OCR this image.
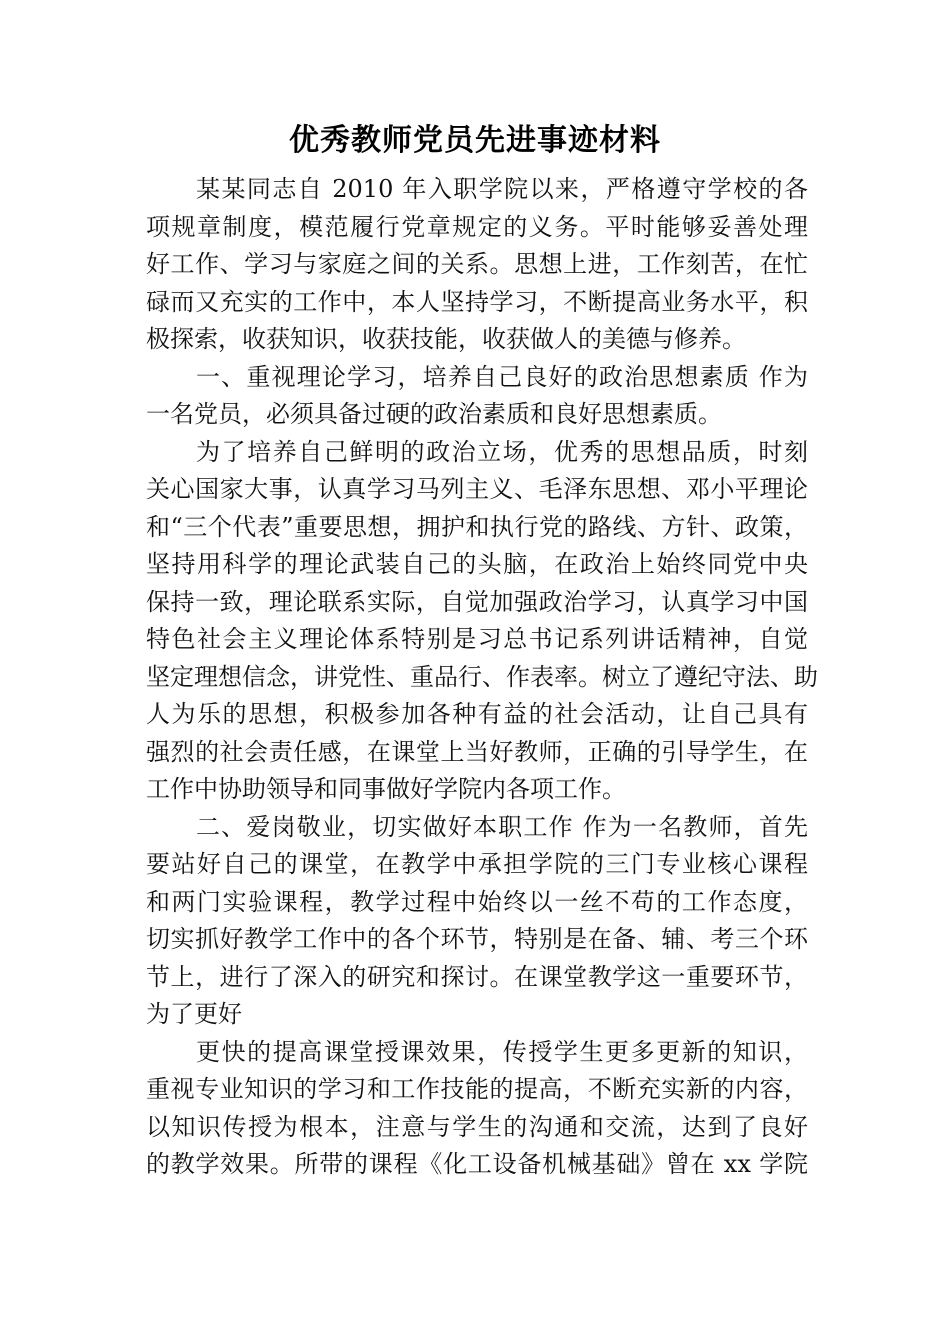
优秀教师党员先进事迹材料
某某同志自 2010 年入职学院以来，严格遵守学校的各
项规章制度，模范履行党章规定的义务。平时能够妥善处理
好工作、学习与家庭之间的关系。思想上进，工作刻苦，在忙
碌而又充实的工作中，本人坚持学习，不断提高业务水平，积
极探索，收获知识，收获技能，收获做人的美德与修养。
一、重视理论学习，培养自己良好的政治思想素质 作为
一名党员，必须具备过硬的政治素质和良好思想素质。
为了培养自己鲜明的政治立场，优秀的思想品质，时刻
关心国家大事，认真学习马列主义、毛泽东思想、邓小平理论
和“三个代表”重要思想，拥护和执行党的路线、方针、政策，
坚持用科学的理论武装自己的头脑，在政治上始终同党中央
保持一致，理论联系实际，自觉加强政治学习，认真学习中国
特色社会主义理论体系特别是习总书记系列讲话精神，自觉
坚定理想信念，讲党性、重品行、作表率。树立了遵纪守法、助
人为乐的思想，积极参加各种有益的社会活动，让自己具有
强烈的社会责任感，在课堂上当好教师，正确的引导学生，在
工作中协助领导和同事做好学院内各项工作。
二、爱岗敬业，切实做好本职工作 作为一名教师，首先
要站好自己的课堂，在教学中承担学院的三门专业核心课程
和两门实验课程，教学过程中始终以一丝不苟的工作态度，
切实抓好教学工作中的各个环节，特别是在备、辅、考三个环
节上，进行了深入的研究和探讨。在课堂教学这一重要环节，
为了更好
更快的提高课堂授课效果，传授学生更多更新的知识，
重视专业知识的学习和工作技能的提高，不断充实新的内容，
以知识传授为根本，注意与学生的沟通和交流，达到了良好
的教学效果。所带的课程《化工设备机械基础》曾在 xx 学院
